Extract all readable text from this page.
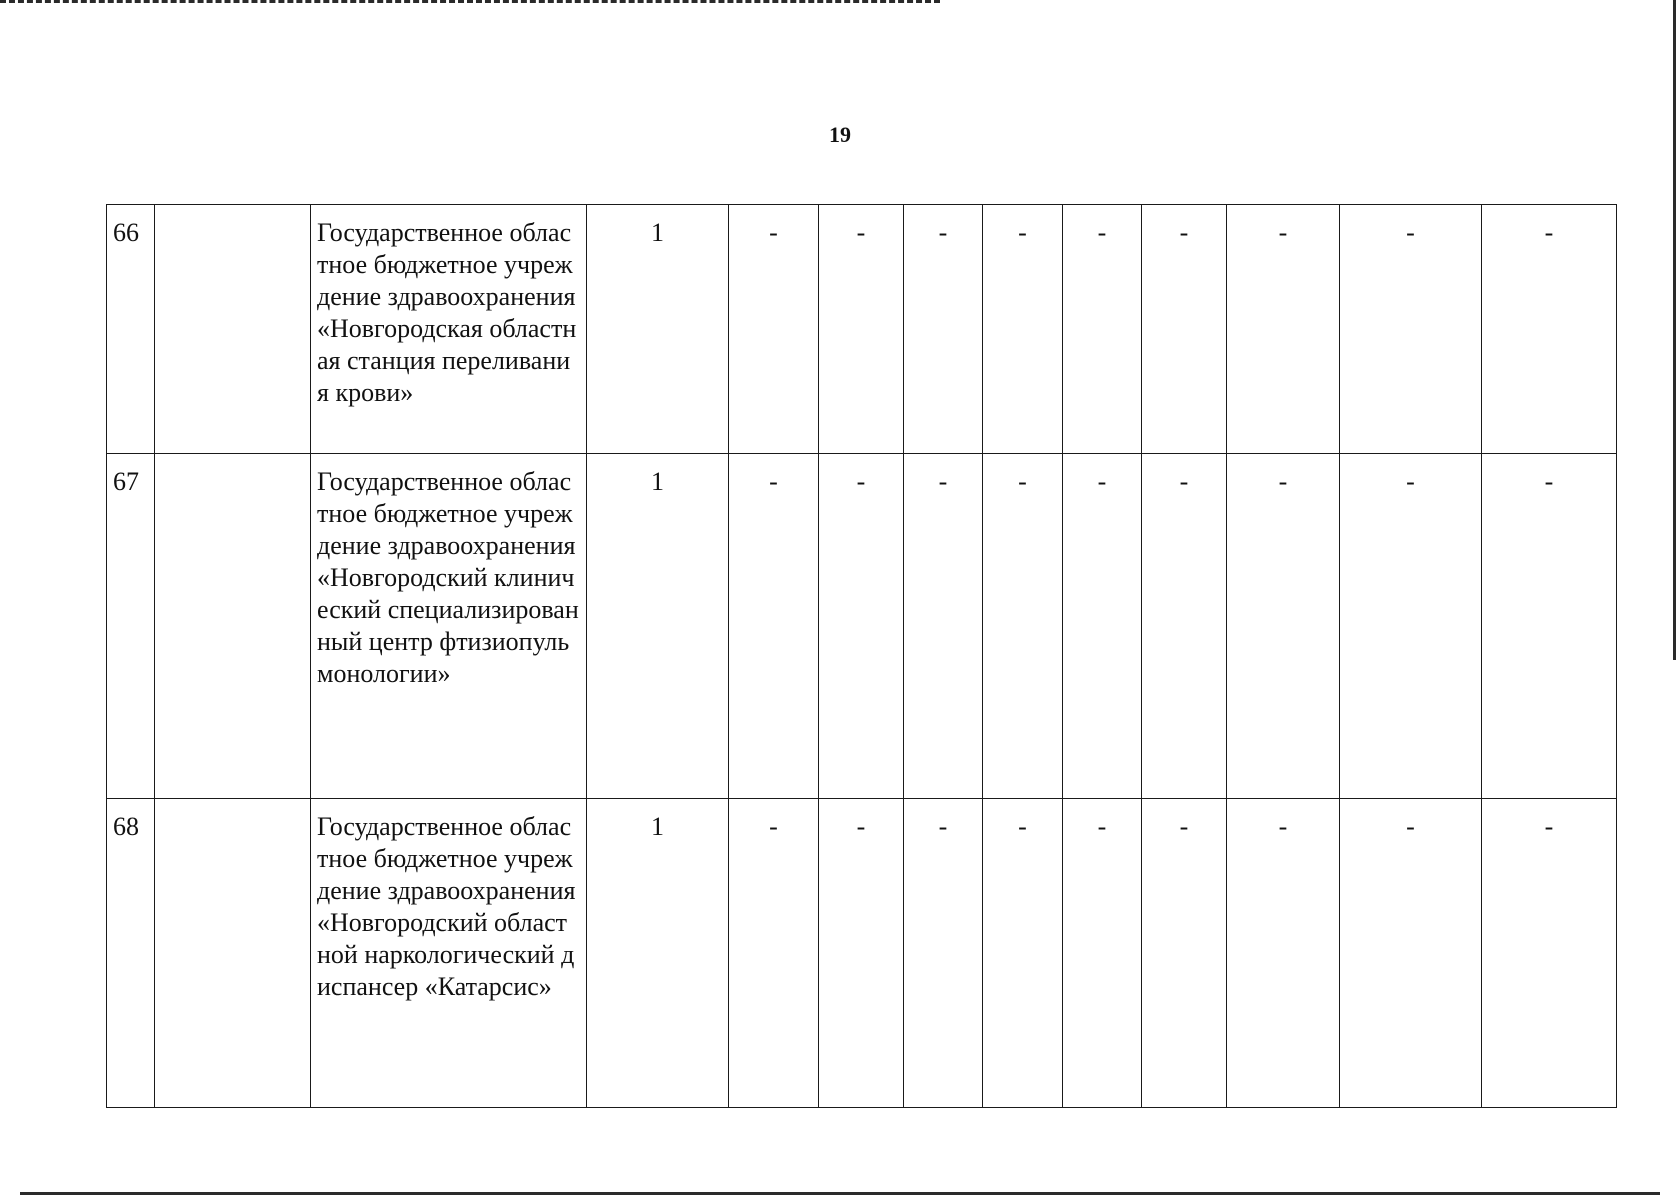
19
66		Государственное областное бюджетное учреждение здравоохранения «Новгородская областная станция переливания крови»	1	-	-	-	-	-	-	-	-	-
67		Государственное областное бюджетное учреждение здравоохранения «Новгородский клинический специализированный центр фтизиопульмонологии»	1	-	-	-	-	-	-	-	-	-
68		Государственное областное бюджетное учреждение здравоохранения «Новгородский областной наркологический диспансер «Катарсис»	1	-	-	-	-	-	-	-	-	-
